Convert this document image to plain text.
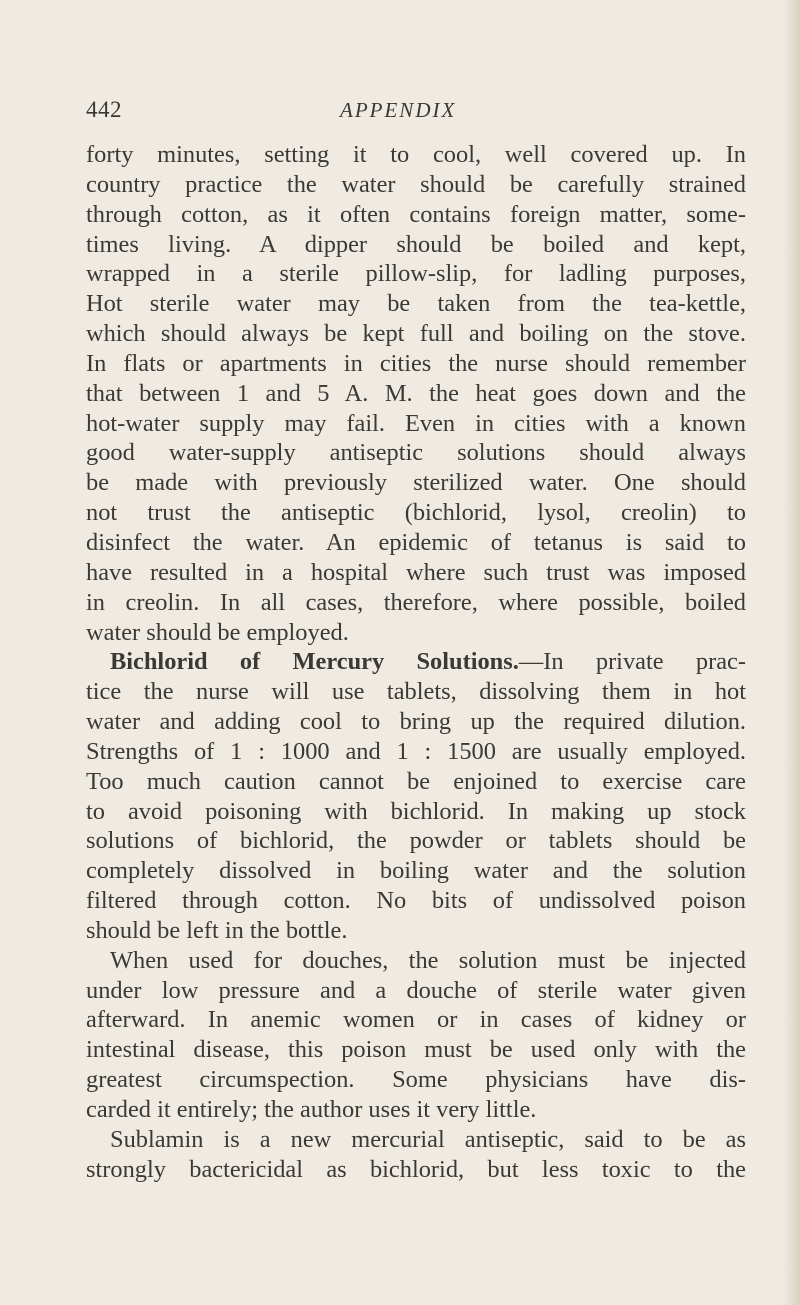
442	APPENDIX
forty minutes, setting it to cool, well covered up. In
country practice the water should be carefully strained
through cotton, as it often contains foreign matter, some-
times living. A dipper should be boiled and kept,
wrapped in a sterile pillow-slip, for ladling purposes,
Hot sterile water may be taken from the tea-kettle,
which should always be kept full and boiling on the stove.
In flats or apartments in cities the nurse should remember
that between 1 and 5 A. M. the heat goes down and the
hot-water supply may fail. Even in cities with a known
good water-supply antiseptic solutions should always
be made with previously sterilized water. One should
not trust the antiseptic (bichlorid, lysol, creolin) to
disinfect the water. An epidemic of tetanus is said to
have resulted in a hospital where such trust was imposed
in creolin. In all cases, therefore, where possible, boiled
water should be employed.
Bichlorid of Mercury Solutions.—In private prac-
tice the nurse will use tablets, dissolving them in hot
water and adding cool to bring up the required dilution.
Strengths of 1 : 1000 and 1 : 1500 are usually employed.
Too much caution cannot be enjoined to exercise care
to avoid poisoning with bichlorid. In making up stock
solutions of bichlorid, the powder or tablets should be
completely dissolved in boiling water and the solution
filtered through cotton. No bits of undissolved poison
should be left in the bottle.
When used for douches, the solution must be injected
under low pressure and a douche of sterile water given
afterward. In anemic women or in cases of kidney or
intestinal disease, this poison must be used only with the
greatest circumspection. Some physicians have dis-
carded it entirely; the author uses it very little.
Sublamin is a new mercurial antiseptic, said to be as
strongly bactericidal as bichlorid, but less toxic to the
